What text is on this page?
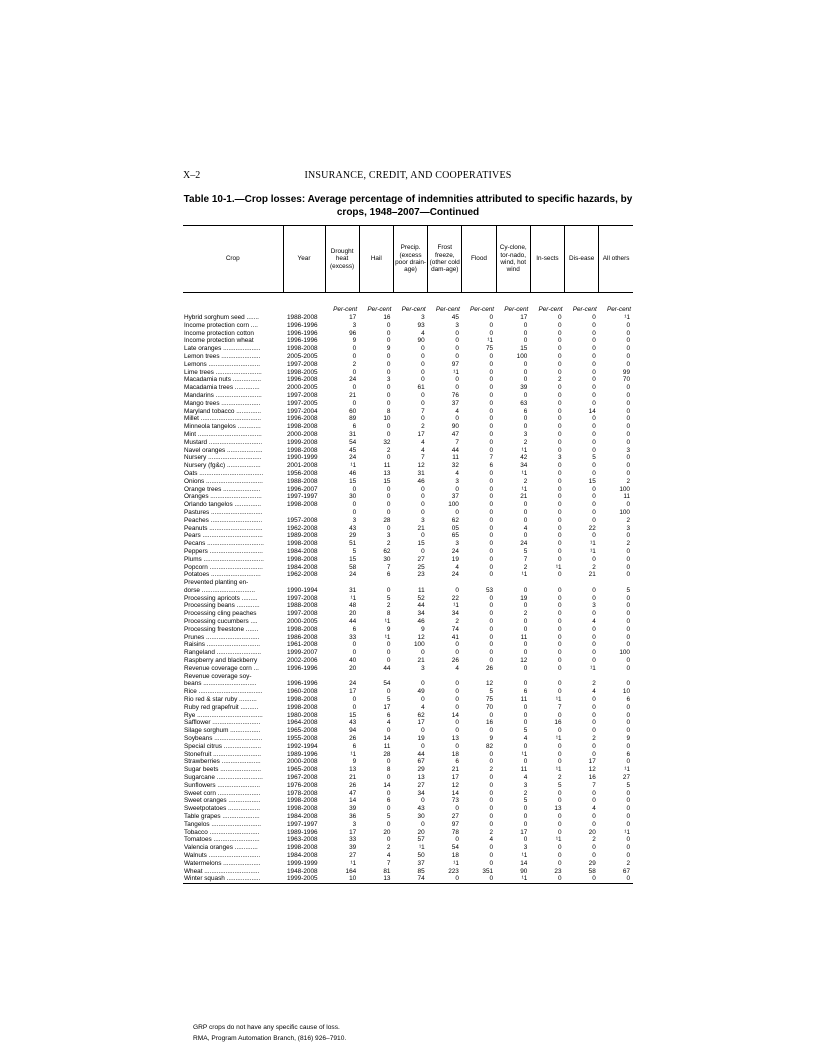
X–2	INSURANCE, CREDIT, AND COOPERATIVES
Table 10-1.—Crop losses: Average percentage of indemnities attributed to specific hazards, by crops, 1948–2007—Continued
Crop	Year	Drought heat (excess)	Hail	Precip. (excess poor drain-age)	Frost freeze, (other cold dam-age)	Flood	Cy-clone, tor-nado, wind, hot wind	In-sects	Dis-ease	All others
		Per-cent	Per-cent	Per-cent	Per-cent	Per-cent	Per-cent	Per-cent	Per-cent	Per-cent
Hybrid sorghum seed .......	1988-2008	17	16	3	45	0	17	0	0	¹1
Income protection corn ....	1996-1996	3	0	93	3	0	0	0	0	0
Income protection cotton	1996-1996	96	0	4	0	0	0	0	0	0
Income protection wheat	1996-1996	9	0	90	0	¹1	0	0	0	0
Late oranges .....................	1998-2008	0	9	0	0	75	15	0	0	0
Lemon trees ......................	2005-2005	0	0	0	0	0	100	0	0	0
Lemons .............................	1997-2008	2	0	0	97	0	0	0	0	0
Lime trees ..........................	1998-2005	0	0	0	¹1	0	0	0	0	99
Macadamia nuts ................	1996-2008	24	3	0	0	0	0	2	0	70
Macadamia trees ..............	2000-2005	0	0	61	0	0	39	0	0	0
Mandarins ..........................	1997-2008	21	0	0	76	0	0	0	0	0
Mango trees ......................	1997-2005	0	0	0	37	0	63	0	0	0
Maryland tobacco ..............	1997-2004	60	8	7	4	0	6	0	14	0
Millet ..................................	1996-2008	89	10	0	0	0	0	0	0	0
Minneola tangelos .............	1998-2008	6	0	2	90	0	0	0	0	0
Mint ....................................	2000-2008	31	0	17	47	0	3	0	0	0
Mustard ..............................	1999-2008	54	32	4	7	0	2	0	0	0
Navel oranges ....................	1998-2008	45	2	4	44	0	¹1	0	0	3
Nursery ..............................	1990-1999	24	0	7	11	7	42	3	5	0
Nursery (fg&c) ...................	2001-2008	¹1	11	12	32	6	34	0	0	0
Oats ....................................	1956-2008	46	13	31	4	0	¹1	0	0	0
Onions ................................	1988-2008	15	15	46	3	0	2	0	15	2
Orange trees .....................	1996-2007	0	0	0	0	0	¹1	0	0	100
Oranges .............................	1997-1997	30	0	0	37	0	21	0	0	11
Orlando tangelos ...............	1998-2008	0	0	0	100	0	0	0	0	0
Pastures .............................		0	0	0	0	0	0	0	0	100
Peaches .............................	1957-2008	3	28	3	62	0	0	0	0	2
Peanuts ..............................	1962-2008	43	0	21	05	0	4	0	22	3
Pears ..................................	1989-2008	29	3	0	65	0	0	0	0	0
Pecans ................................	1998-2008	51	2	15	3	0	24	0	¹1	2
Peppers ..............................	1984-2008	5	62	0	24	0	5	0	¹1	0
Plums ..................................	1998-2008	15	30	27	19	0	7	0	0	0
Popcorn ..............................	1984-2008	58	7	25	4	0	2	¹1	2	0
Potatoes ............................	1962-2008	24	6	23	24	0	¹1	0	21	0
Prevented planting en-										
dorse ..............................	1990-1994	31	0	11	0	53	0	0	0	5
Processing apricots .........	1997-2008	¹1	5	52	22	0	19	0	0	0
Processing beans .............	1988-2008	48	2	44	¹1	0	0	0	3	0
Processing cling peaches	1997-2008	20	8	34	34	0	2	0	0	0
Processing cucumbers ....	2000-2005	44	¹1	46	2	0	0	0	4	0
Processing freestone .......	1998-2008	6	9	9	74	0	0	0	0	0
Prunes ..............................	1986-2008	33	¹1	12	41	0	11	0	0	0
Raisins ..............................	1961-2008	0	0	100	0	0	0	0	0	0
Rangeland .........................	1999-2007	0	0	0	0	0	0	0	0	100
Raspberry and blackberry	2002-2006	40	0	21	26	0	12	0	0	0
Revenue coverage corn ...	1996-1996	20	44	3	4	26	0	0	¹1	0
Revenue coverage soy-										
beans ..............................	1996-1996	24	54	0	0	12	0	0	2	0
Rice ....................................	1960-2008	17	0	49	0	5	6	0	4	10
Rio red & star ruby ..........	1998-2008	0	5	0	0	75	11	¹1	0	6
Ruby red grapefruit ..........	1998-2008	0	17	4	0	70	0	7	0	0
Rye .....................................	1980-2008	15	6	62	14	0	0	0	0	0
Safflower ...........................	1964-2008	43	4	17	0	16	0	16	0	0
Silage sorghum .................	1965-2008	94	0	0	0	0	5	0	0	0
Soybeans ...........................	1955-2008	26	14	19	13	9	4	¹1	2	9
Special citrus .....................	1992-1994	6	11	0	0	82	0	0	0	0
Stonefruit ...........................	1989-1996	¹1	28	44	18	0	¹1	0	0	6
Strawberries ......................	2000-2008	9	0	67	6	0	0	0	17	0
Sugar beets .......................	1965-2008	13	8	29	21	2	11	¹1	12	¹1
Sugarcane ..........................	1967-2008	21	0	13	17	0	4	2	16	27
Sunflowers ........................	1976-2008	26	14	27	12	0	3	5	7	5
Sweet corn ........................	1978-2008	47	0	34	14	0	2	0	0	0
Sweet oranges ..................	1998-2008	14	6	0	73	0	5	0	0	0
Sweetpotatoes ..................	1998-2008	39	0	43	0	0	0	13	4	0
Table grapes .....................	1984-2008	36	5	30	27	0	0	0	0	0
Tangelos ............................	1997-1997	3	0	0	97	0	0	0	0	0
Tobacco ............................	1989-1996	17	20	20	78	2	17	0	20	¹1
Tomatoes ..........................	1963-2008	33	0	57	0	4	0	¹1	2	0
Valencia oranges .............	1998-2008	39	2	¹1	54	0	3	0	0	0
Walnuts .............................	1984-2008	27	4	50	18	0	¹1	0	0	0
Watermelons .....................	1999-1999	¹1	7	37	¹1	0	14	0	29	2
Wheat ...............................	1948-2008	164	81	85	223	351	90	23	58	67
Winter squash ...................	1999-2005	10	13	74	0	0	¹1	0	0	0
GRP crops do not have any specific cause of loss.
RMA, Program Automation Branch, (816) 926–7910.
